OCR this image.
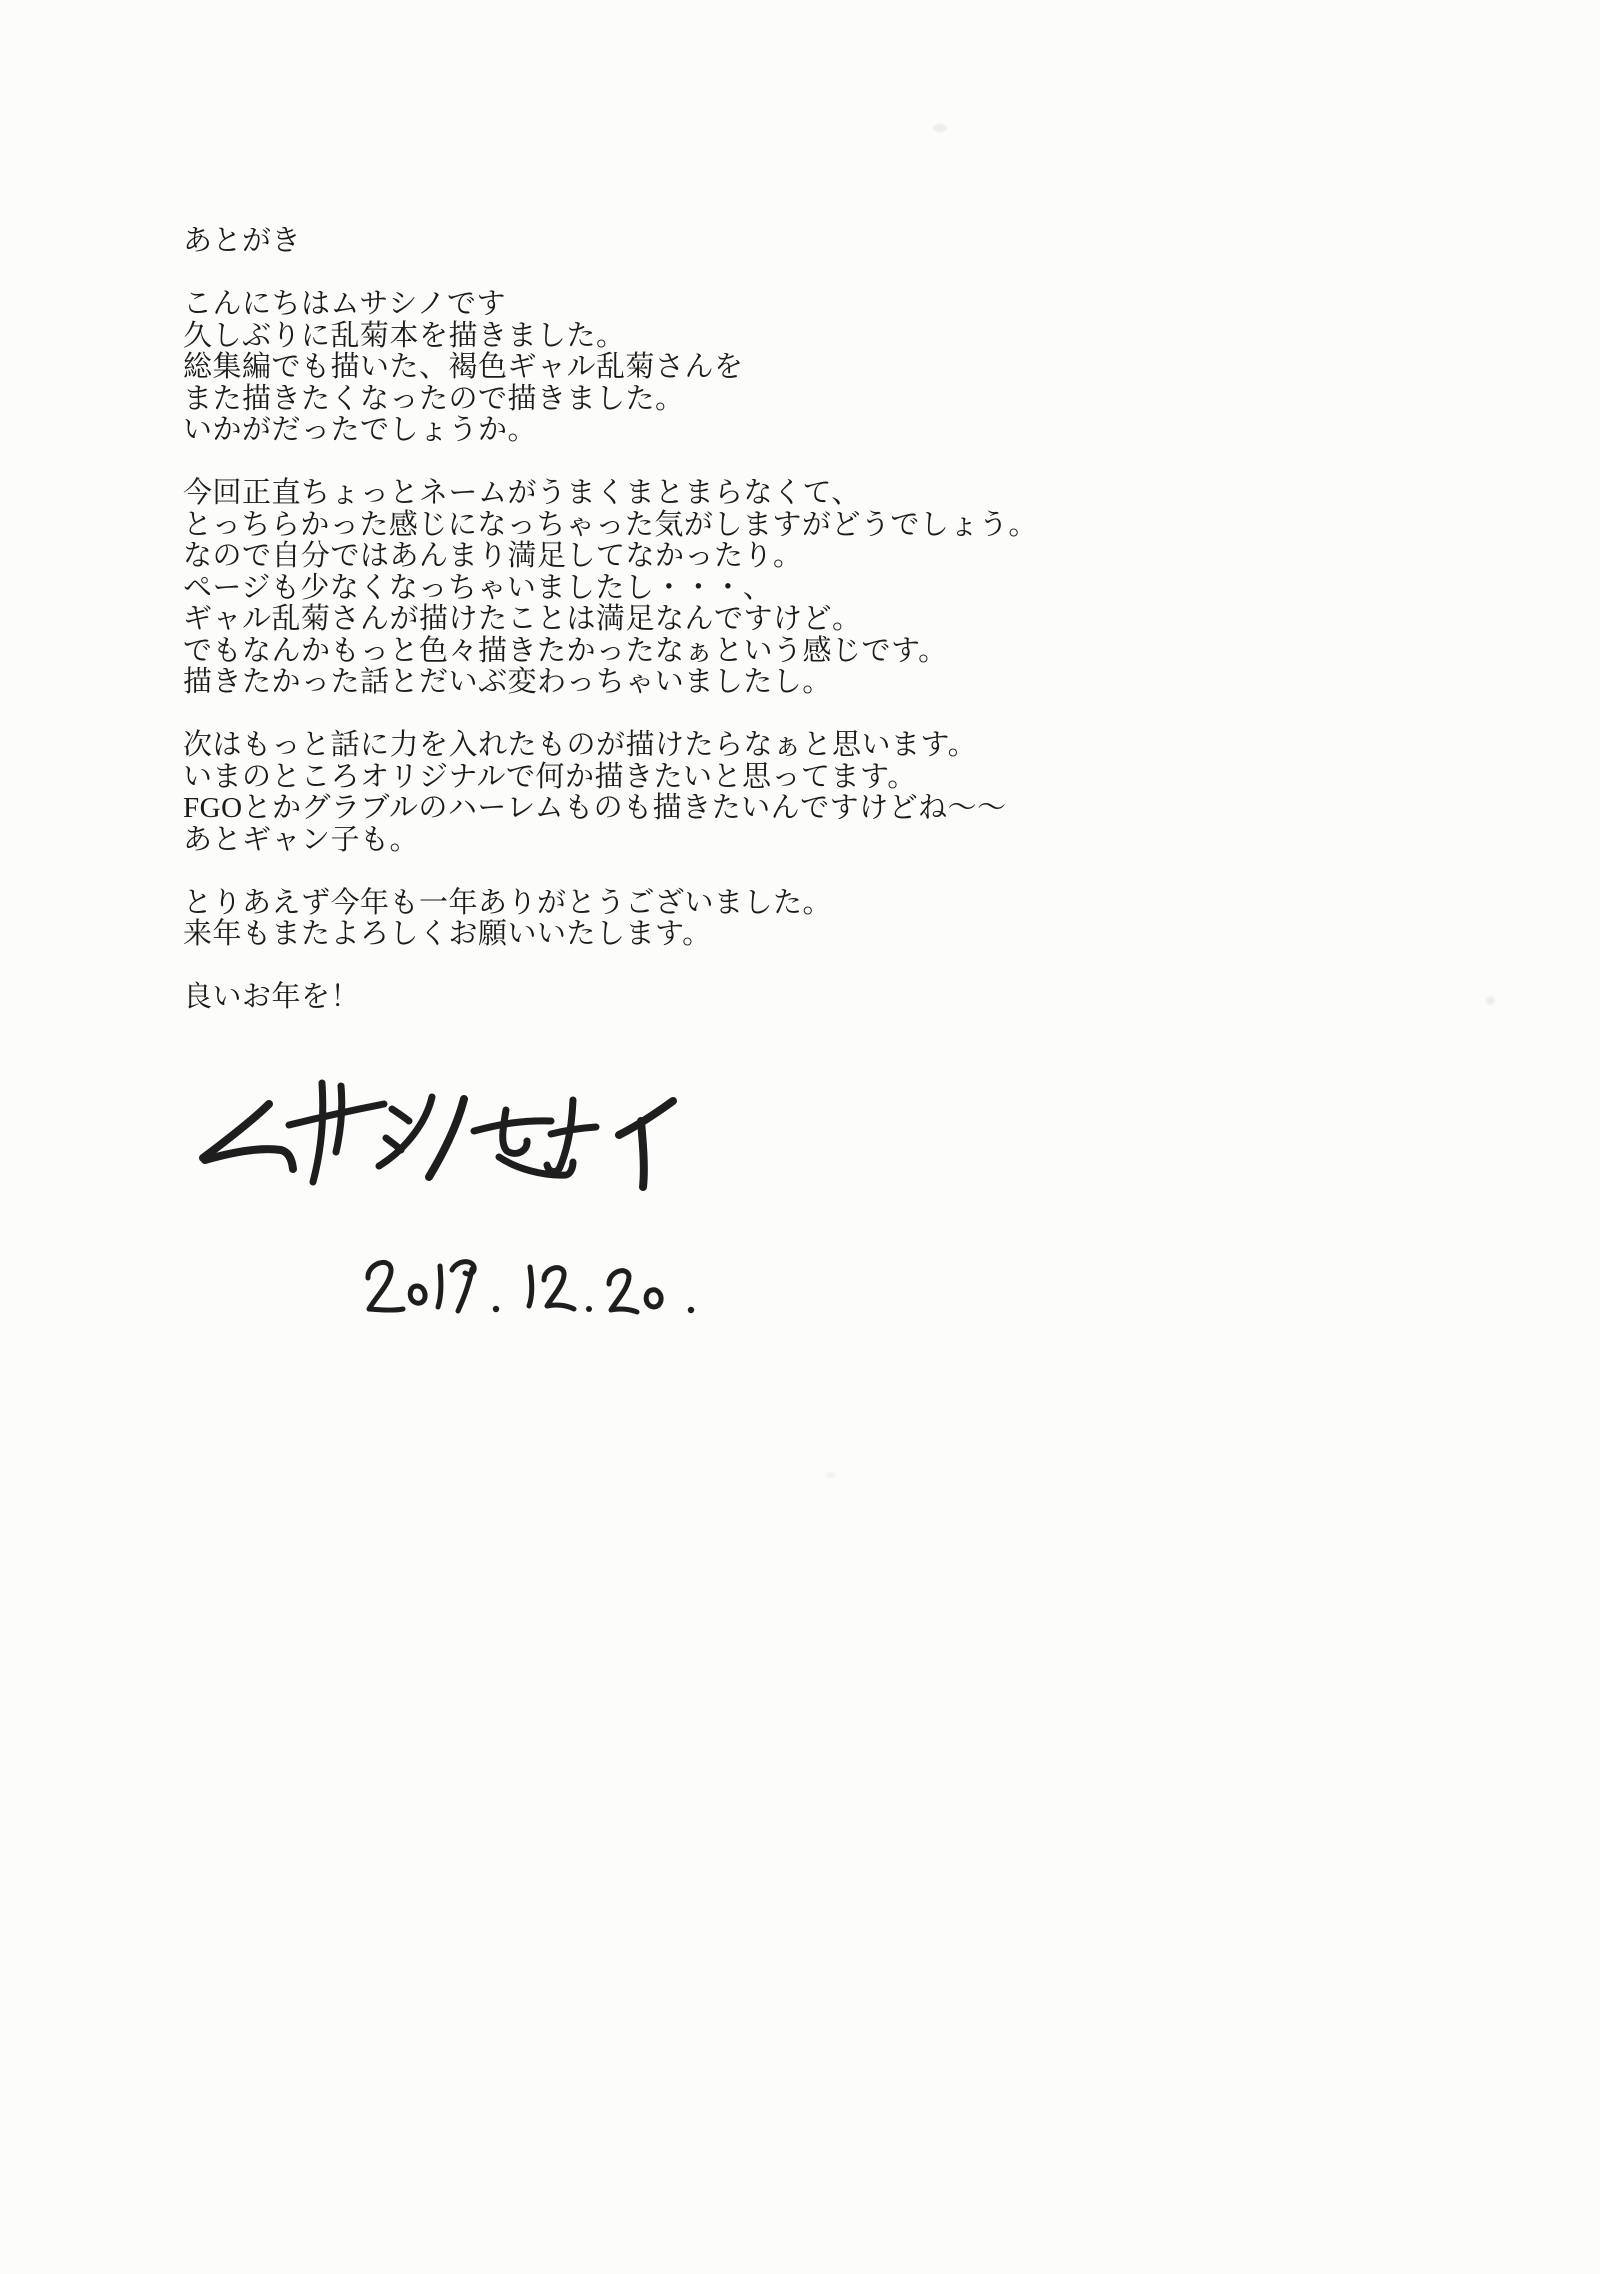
あとがき

こんにちはムサシノです
久しぶりに乱菊本を描きました。
総集編でも描いた、褐色ギャル乱菊さんを
また描きたくなったので描きました。
いかがだったでしょうか。

今回正直ちょっとネームがうまくまとまらなくて、
とっちらかった感じになっちゃった気がしますがどうでしょう。
なので自分ではあんまり満足してなかったり。
ページも少なくなっちゃいましたし・・・、
ギャル乱菊さんが描けたことは満足なんですけど。
でもなんかもっと色々描きたかったなぁという感じです。
描きたかった話とだいぶ変わっちゃいましたし。

次はもっと話に力を入れたものが描けたらなぁと思います。
いまのところオリジナルで何か描きたいと思ってます。
FGOとかグラブルのハーレムものも描きたいんですけどね〜〜
あとギャン子も。

とりあえず今年も一年ありがとうございました。
来年もまたよろしくお願いいたします。

良いお年を！
